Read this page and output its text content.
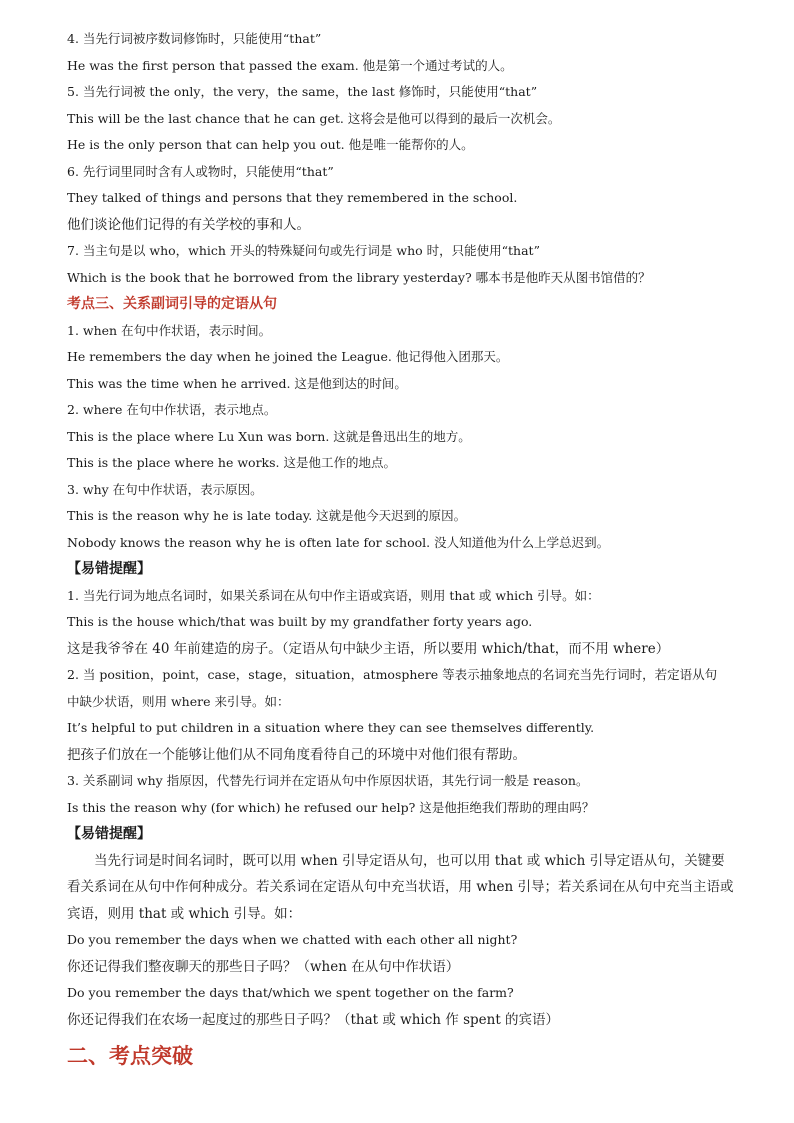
4. 当先行词被序数词修饰时，只能使用“that”
He was the first person that passed the exam. 他是第一个通过考试的人。
5. 当先行词被 the only，the very，the same，the last 修饰时，只能使用“that”
This will be the last chance that he can get. 这将会是他可以得到的最后一次机会。
He is the only person that can help you out. 他是唯一能帮你的人。
6. 先行词里同时含有人或物时，只能使用“that”
They talked of things and persons that they remembered in the school.
他们谈论他们记得的有关学校的事和人。
7. 当主句是以 who，which 开头的特殊疑问句或先行词是 who 时，只能使用“that”
Which is the book that he borrowed from the library yesterday? 哪本书是他昨天从图书馆借的？
考点三、关系副词引导的定语从句
1. when 在句中作状语，表示时间。
He remembers the day when he joined the League. 他记得他入团那天。
This was the time when he arrived. 这是他到达的时间。
2. where 在句中作状语，表示地点。
This is the place where Lu Xun was born. 这就是鲁迅出生的地方。
This is the place where he works. 这是他工作的地点。
3. why 在句中作状语，表示原因。
This is the reason why he is late today. 这就是他今天迟到的原因。
Nobody knows the reason why he is often late for school. 没人知道他为什么上学总迟到。
【易错提醒】
1. 当先行词为地点名词时，如果关系词在从句中作主语或宾语，则用 that 或 which 引导。如：
This is the house which/that was built by my grandfather forty years ago.
这是我爷爷在 40 年前建造的房子。（定语从句中缺少主语，所以要用 which/that，而不用 where）
2. 当 position，point，case，stage，situation，atmosphere 等表示抽象地点的名词充当先行词时，若定语从句
中缺少状语，则用 where 来引导。如：
It’s helpful to put children in a situation where they can see themselves differently.
把孩子们放在一个能够让他们从不同角度看待自己的环境中对他们很有帮助。
3. 关系副词 why 指原因，代替先行词并在定语从句中作原因状语，其先行词一般是 reason。
Is this the reason why (for which) he refused our help? 这是他拒绝我们帮助的理由吗？
【易错提醒】
当先行词是时间名词时，既可以用 when 引导定语从句，也可以用 that 或 which 引导定语从句，关键要看关系词在从句中作何种成分。若关系词在定语从句中充当状语，用 when 引导；若关系词在从句中充当主语或宾语，则用 that 或 which 引导。如：
Do you remember the days when we chatted with each other all night?
你还记得我们整夜聊天的那些日子吗？（when 在从句中作状语）
Do you remember the days that/which we spent together on the farm?
你还记得我们在农场一起度过的那些日子吗？（that 或 which 作 spent 的宾语）
二、考点突破
